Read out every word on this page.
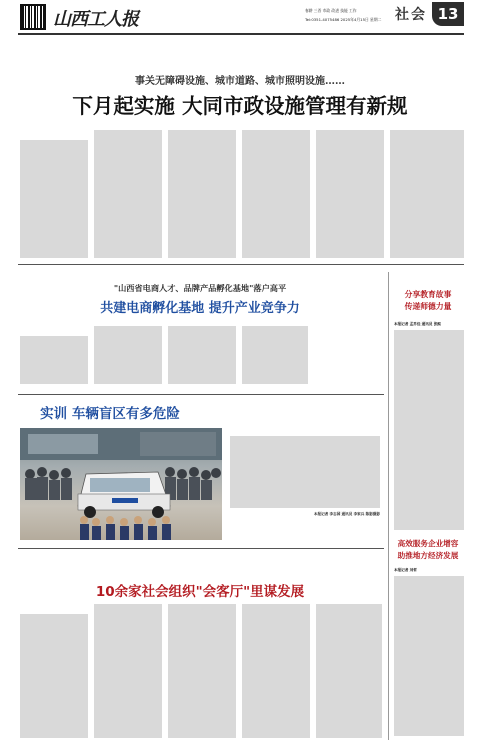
山西工人报	春耕 三晋 市政 改进 技能 工作
Tel:0351-4075486 2025年4月15日 星期二 社会 13
事关无障碍设施、城市道路、城市照明设施……
下月起实施 大同市政设施管理有新规
"山西省电商人才、品牌产品孵化基地"落户高平
共建电商孵化基地 提升产业竞争力
实训 车辆盲区有多危险
本报记者 李志国 通讯员 李家兵 陈影摄影
分享教育故事
传递师德力量
本报记者 孟乔佳 通讯员 张熙
高效服务企业增容
助推地方经济发展
本报记者 刘哲
10余家社会组织"会客厅"里谋发展
